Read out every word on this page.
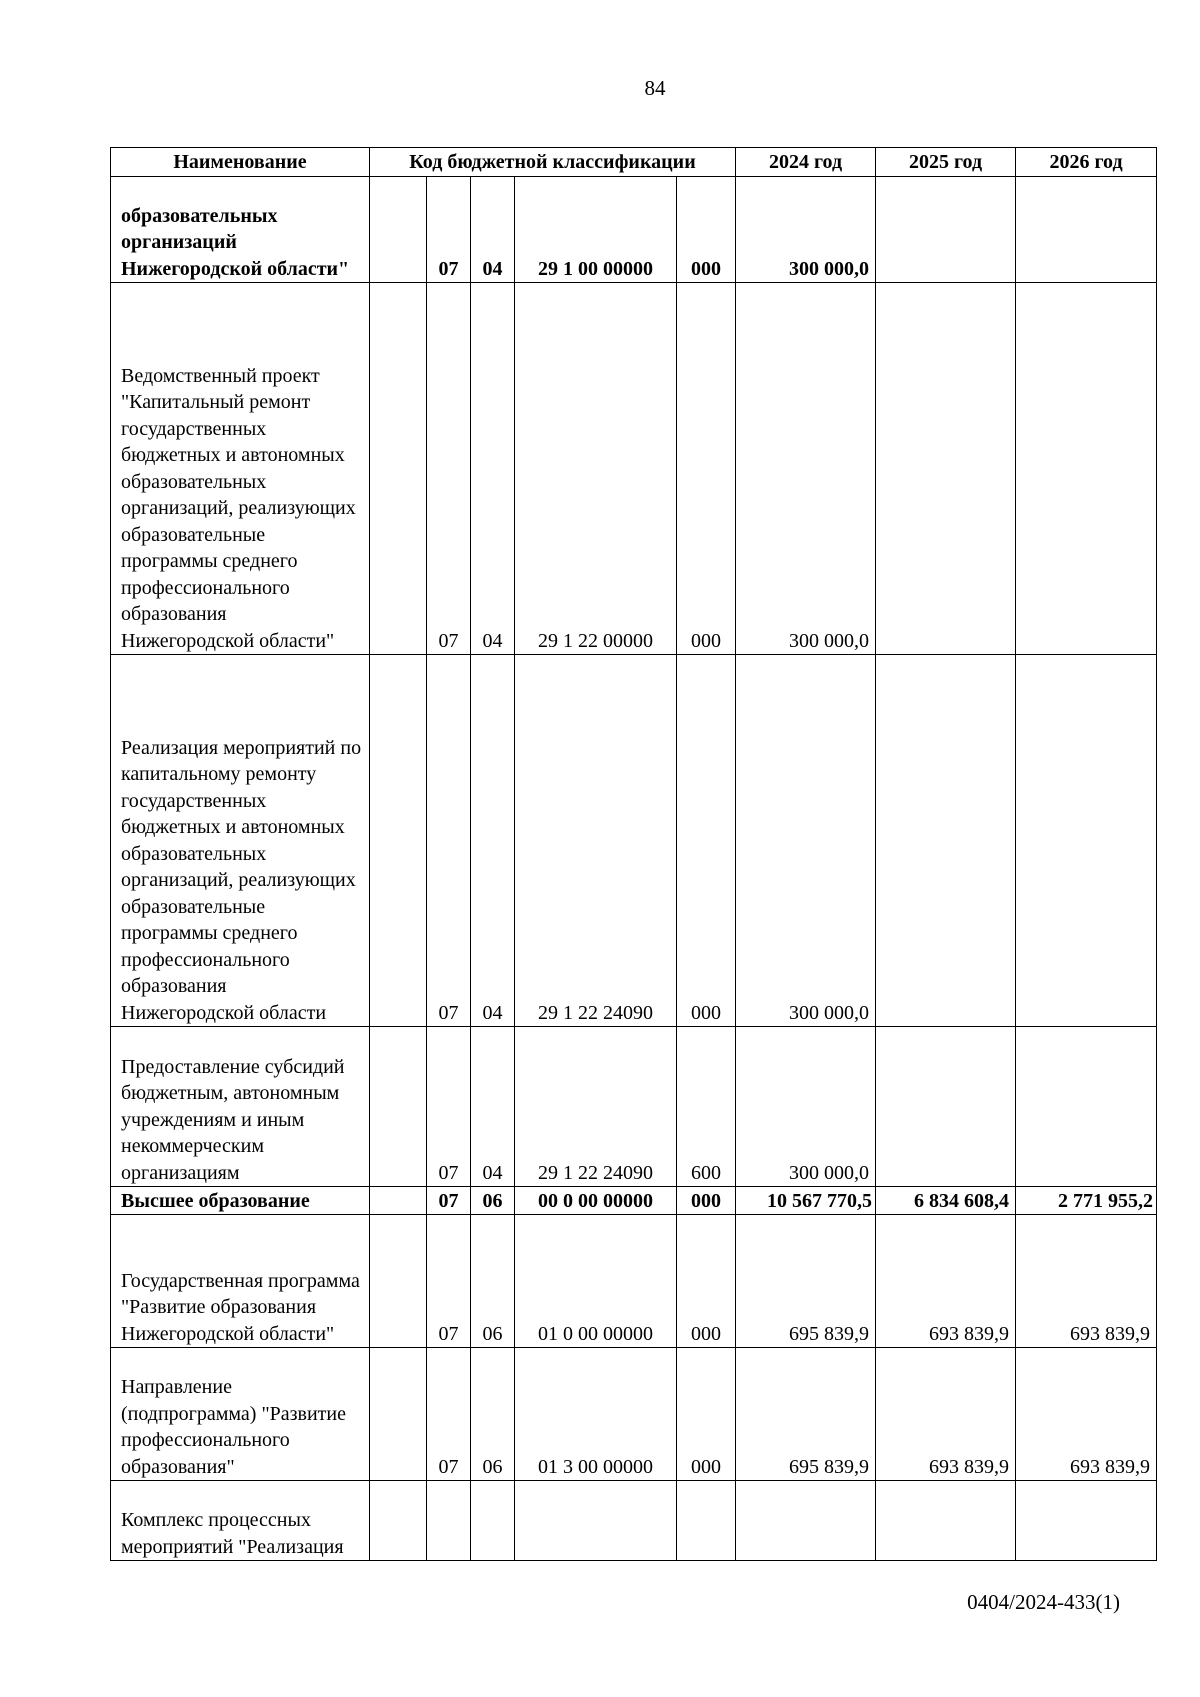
84
Наименование	Код бюджетной классификации					2024 год	2025 год	2026 год
образовательных организаций Нижегородской области"		07	04	29 1 00 00000	000	300 000,0		
Ведомственный проект "Капитальный ремонт государственных бюджетных и автономных образовательных организаций, реализующих образовательные программы среднего профессионального образования Нижегородской области"		07	04	29 1 22 00000	000	300 000,0		
Реализация мероприятий по капитальному ремонту государственных бюджетных и автономных образовательных организаций, реализующих образовательные программы среднего профессионального образования Нижегородской области		07	04	29 1 22 24090	000	300 000,0		
Предоставление субсидий бюджетным, автономным учреждениям и иным некоммерческим организациям		07	04	29 1 22 24090	600	300 000,0		
Высшее образование		07	06	00 0 00 00000	000	10 567 770,5	6 834 608,4	2 771 955,2
Государственная программа "Развитие образования Нижегородской области"		07	06	01 0 00 00000	000	695 839,9	693 839,9	693 839,9
Направление (подпрограмма) "Развитие профессионального образования"		07	06	01 3 00 00000	000	695 839,9	693 839,9	693 839,9
Комплекс процессных мероприятий "Реализация								
0404/2024-433(1)
